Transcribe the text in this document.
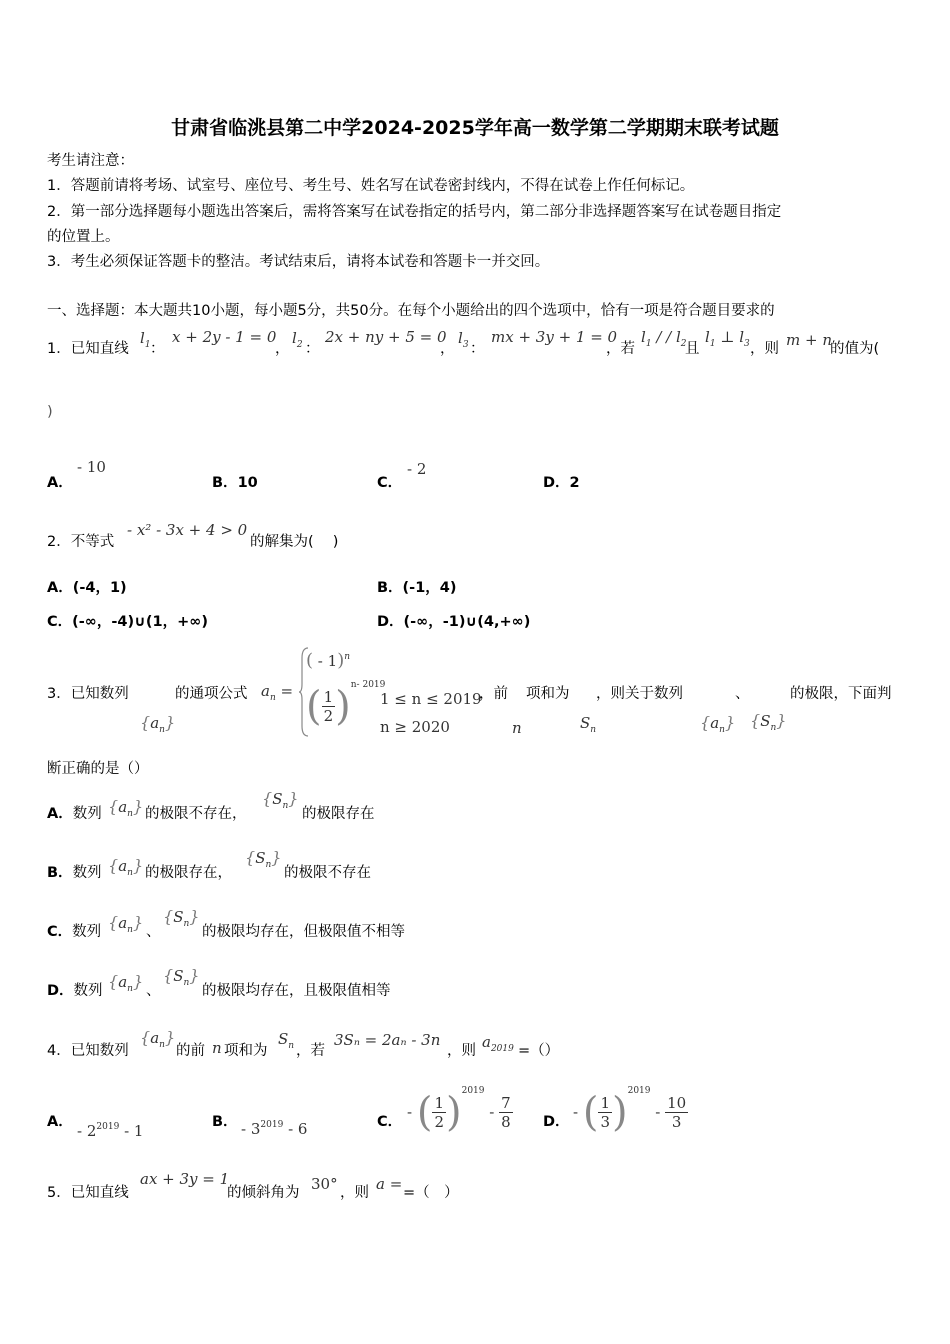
甘肃省临洮县第二中学2024-2025学年高一数学第二学期期末联考试题
考生请注意：
1．答题前请将考场、试室号、座位号、考生号、姓名写在试卷密封线内，不得在试卷上作任何标记。
2．第一部分选择题每小题选出答案后，需将答案写在试卷指定的括号内，第二部分非选择题答案写在试卷题目指定
的位置上。
3．考生必须保证答题卡的整洁。考试结束后，请将本试卷和答题卡一并交回。
一、选择题：本大题共10小题，每小题5分，共50分。在每个小题给出的四个选项中，恰有一项是符合题目要求的
1．已知直线
$l_1$ ：
x + 2y - 1 = 0
，
$l_2$ ：
2x + ny + 5 = 0
，
$l_3$ ：
mx + 3y + 1 = 0
，若
$l_1$ / / $l_2$
且
$l_1$ ⊥ $l_3$ ，则 m + n
的值为(
)
A．
- 10
B．10	C．
- 2
D．2
2．不等式
- x² - 3x + 4 > 0
的解集为(　 )
A．(-4，1)	B．(-1，4)
C．(-∞，-4)∪(1，+∞)	D．(-∞，-1)∪(4,+∞)
3．已知数列
$\{a_n\}$
的通项公式 $a_n$ =
( - 1)$^n$
( $\frac{1}{2} )^{n- 2019}$
1 ≤ n ≤ 2019
n ≥ 2020
，前
n
项和为
$S_n$
，则关于数列
$\{a_n\}$
、
$\{S_n\}$
的极限，下面判
断正确的是（）
A．数列 $\{a_n\}$ 的极限不存在，
$\{S_n\}$
的极限存在
B．数列 $\{a_n\}$ 的极限存在，
$\{S_n\}$
的极限不存在
C．数列 $\{a_n\}$ 、
$\{S_n\}$
的极限均存在，但极限值不相等
D．数列 $\{a_n\}$ 、
$\{S_n\}$
的极限均存在，且极限值相等
4．已知数列
$\{a_n\}$
的前 n 项和为
$S_n$ ，若
3Sₙ = 2aₙ - 3n
，则 $a_{2019}$ =（）
A． - $2^{2019} - 1$	B． - $3^{2019} - 6$	C．
- ( $\frac{1}{2} )^{2019} - \frac{7}{8}$ D．
- ( $\frac{1}{3} )^{2019} - \frac{10}{3}$
5．已知直线
ax + 3y = 1
的倾斜角为 30° ，则 a = =（　）
